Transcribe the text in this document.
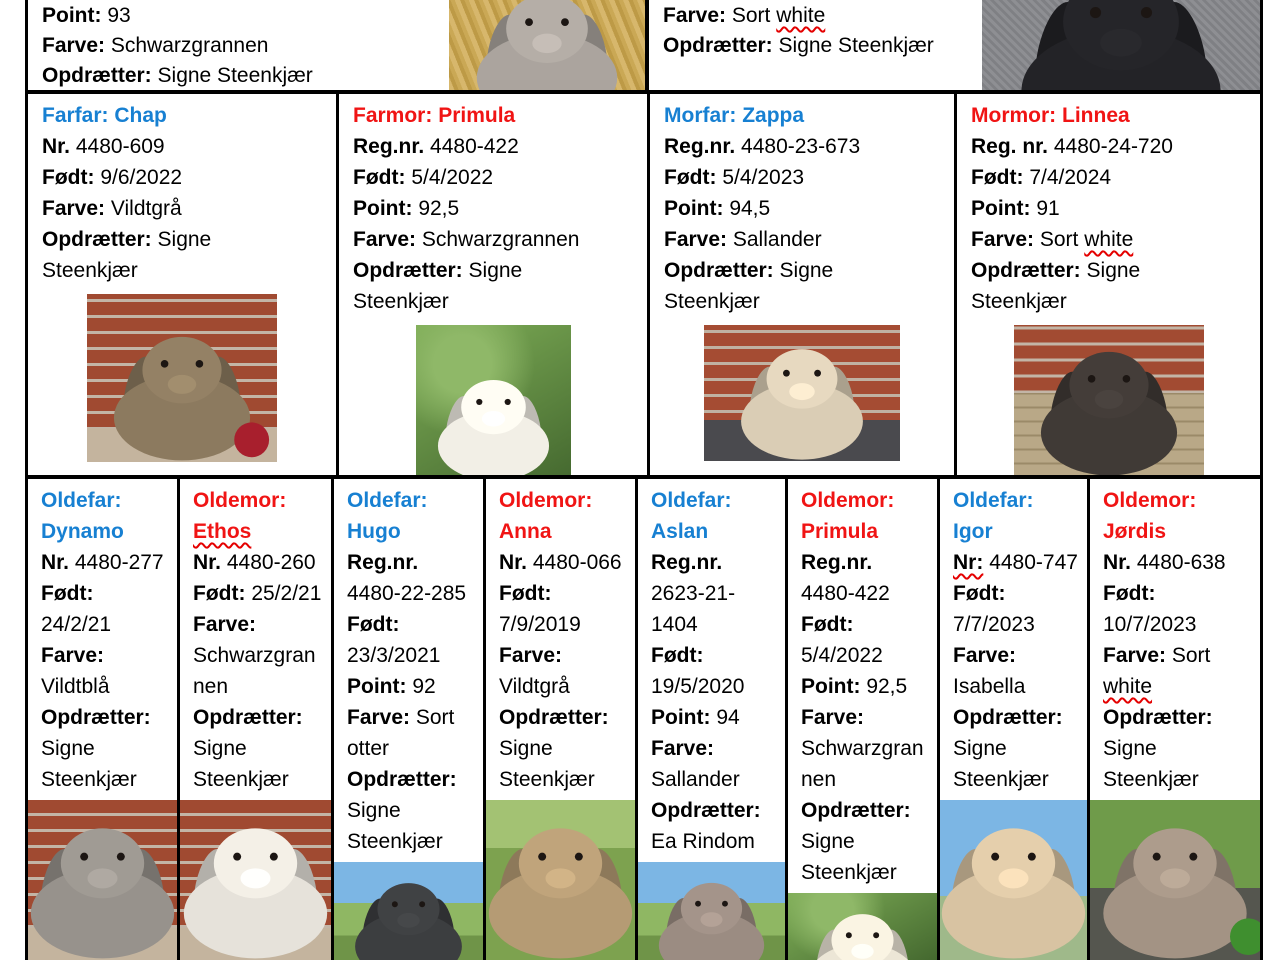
Point: 93
Farve: Schwarzgrannen
Opdrætter: Signe Steenkjær
Farve: Sort white
Opdrætter: Signe Steenkjær
Farfar: Chap
Nr. 4480-609
Født: 9/6/2022
Farve: Vildtgrå
Opdrætter: Signe Steenkjær
Farmor: Primula
Reg.nr. 4480-422
Født: 5/4/2022
Point: 92,5
Farve: Schwarzgrannen
Opdrætter: Signe Steenkjær
Morfar: Zappa
Reg.nr. 4480-23-673
Født: 5/4/2023
Point: 94,5
Farve: Sallander
Opdrætter: Signe Steenkjær
Mormor: Linnea
Reg. nr. 4480-24-720
Født: 7/4/2024
Point: 91
Farve: Sort white
Opdrætter: Signe Steenkjær
Oldefar: Dynamo
Nr. 4480-277
Født: 24/2/21
Farve: Vildtblå
Opdrætter: Signe Steenkjær
Oldemor: Ethos
Nr. 4480-260
Født: 25/2/21
Farve: Schwarzgrannen
Opdrætter: Signe Steenkjær
Oldefar: Hugo
Reg.nr. 4480-22-285
Født: 23/3/2021
Point: 92
Farve: Sort otter
Opdrætter: Signe Steenkjær
Oldemor: Anna
Nr. 4480-066
Født: 7/9/2019
Farve: Vildtgrå
Opdrætter: Signe Steenkjær
Oldefar: Aslan
Reg.nr. 2623-21-1404
Født: 19/5/2020
Point: 94
Farve: Sallander
Opdrætter: Ea Rindom
Oldemor: Primula
Reg.nr. 4480-422
Født: 5/4/2022
Point: 92,5
Farve: Schwarzgrannen
Opdrætter: Signe Steenkjær
Oldefar: Igor
Nr: 4480-747
Født: 7/7/2023
Farve: Isabella
Opdrætter: Signe Steenkjær
Oldemor: Jørdis
Nr. 4480-638
Født: 10/7/2023
Farve: Sort white
Opdrætter: Signe Steenkjær
